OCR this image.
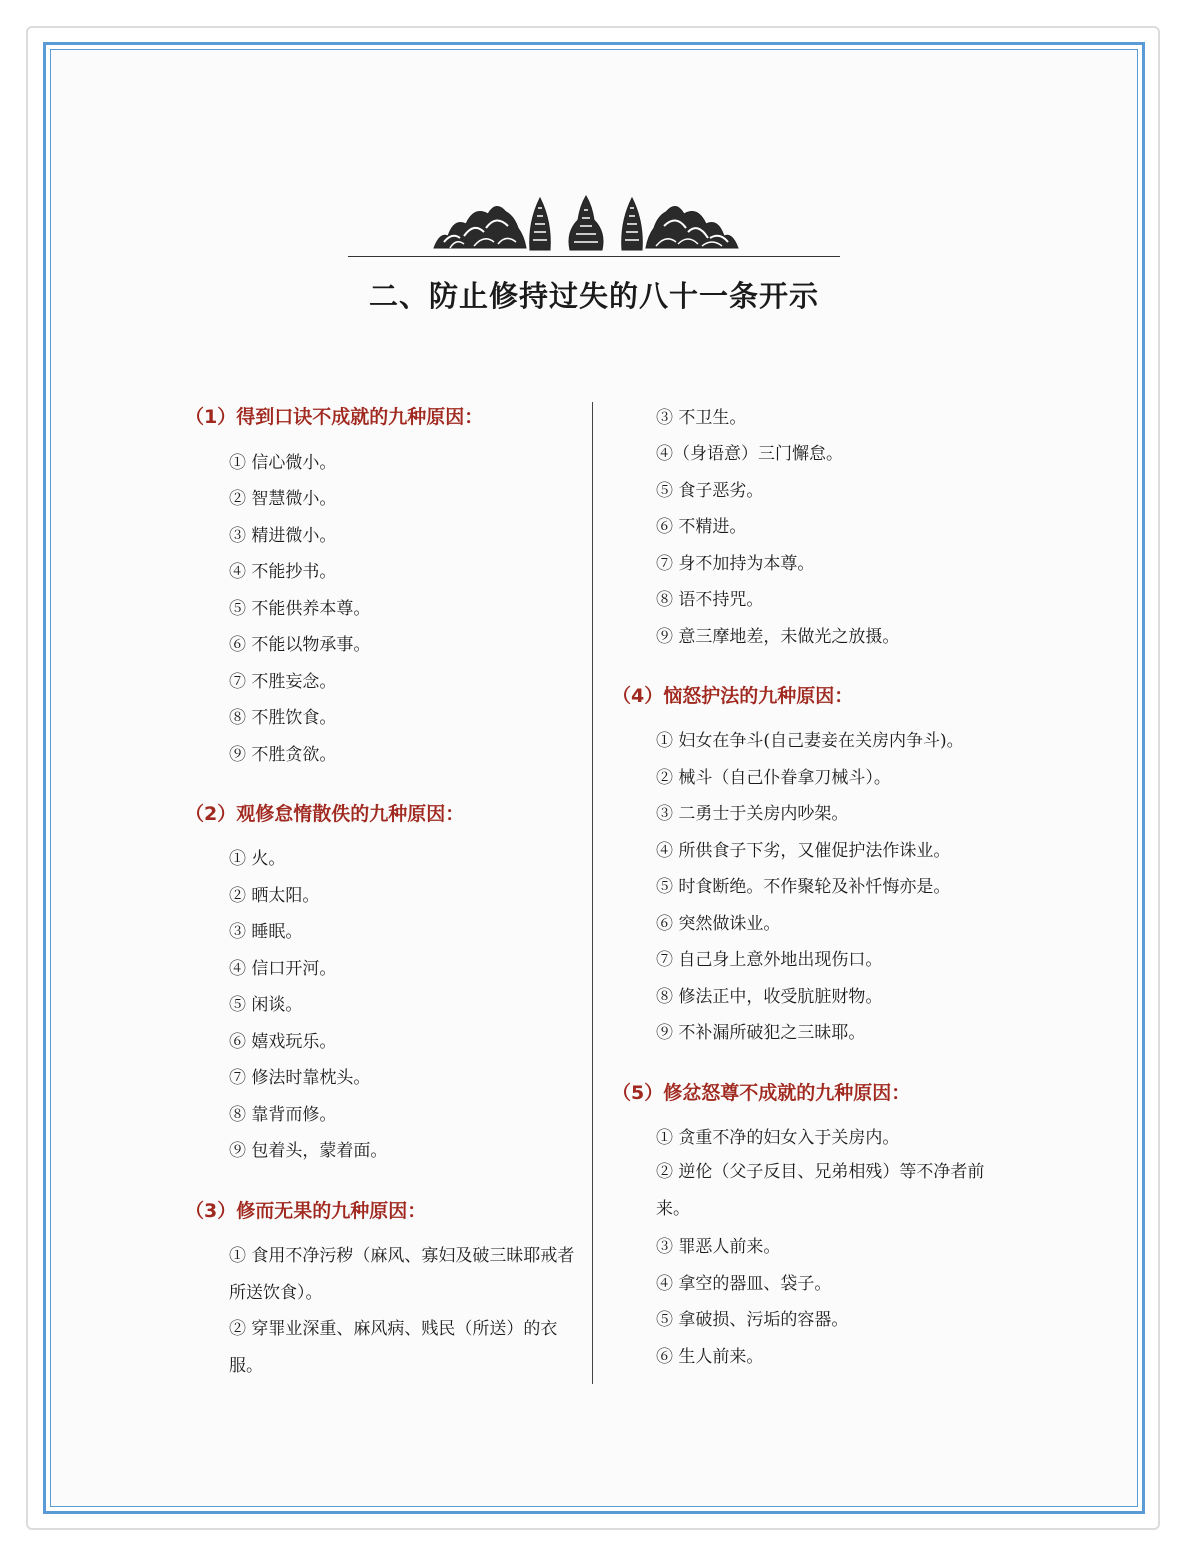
二、防止修持过失的八十一条开示
（1）得到口诀不成就的九种原因：
① 信心微小。
② 智慧微小。
③ 精进微小。
④ 不能抄书。
⑤ 不能供养本尊。
⑥ 不能以物承事。
⑦ 不胜妄念。
⑧ 不胜饮食。
⑨ 不胜贪欲。
（2）观修怠惰散佚的九种原因：
① 火。
② 晒太阳。
③ 睡眠。
④ 信口开河。
⑤ 闲谈。
⑥ 嬉戏玩乐。
⑦ 修法时靠枕头。
⑧ 靠背而修。
⑨ 包着头，蒙着面。
（3）修而无果的九种原因：
① 食用不净污秽（麻风、寡妇及破三昧耶戒者所送饮食）。
② 穿罪业深重、麻风病、贱民（所送）的衣服。
③ 不卫生。
④（身语意）三门懈怠。
⑤ 食子恶劣。
⑥ 不精进。
⑦ 身不加持为本尊。
⑧ 语不持咒。
⑨ 意三摩地差，未做光之放摄。
（4）恼怒护法的九种原因：
① 妇女在争斗(自己妻妾在关房内争斗)。
② 械斗（自己仆眷拿刀械斗）。
③ 二勇士于关房内吵架。
④ 所供食子下劣，又催促护法作诛业。
⑤ 时食断绝。不作聚轮及补忏悔亦是。
⑥ 突然做诛业。
⑦ 自己身上意外地出现伤口。
⑧ 修法正中，收受肮脏财物。
⑨ 不补漏所破犯之三昧耶。
（5）修忿怒尊不成就的九种原因：
① 贪重不净的妇女入于关房内。
② 逆伦（父子反目、兄弟相残）等不净者前来。
③ 罪恶人前来。
④ 拿空的器皿、袋子。
⑤ 拿破损、污垢的容器。
⑥ 生人前来。
